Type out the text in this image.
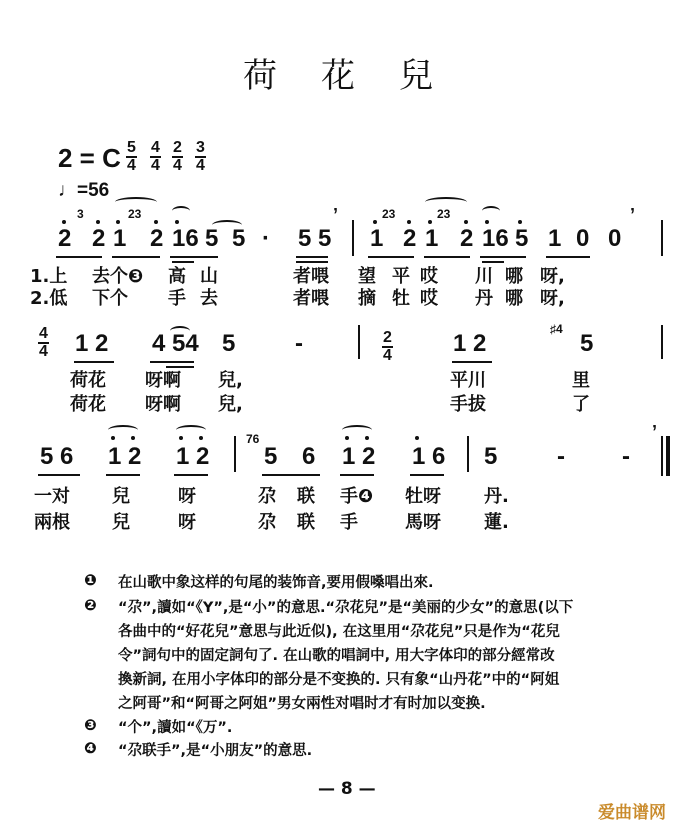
荷花兒
2 = C $\frac{5}{4} \frac{4}{4} \frac{2}{4} \frac{3}{4}$
♩=56
2 2 1 2 16 5 5 · 5 5
’
1 2 1 2 16 5 1 0 0
’
3	23	23	23
1.上 去个❸ 高 山	者喂 望 平 哎 川 哪 呀,
2.低 下个 手 去	者喂 摘 牡 哎 丹 哪 呀,
$\frac{4}{4} 1$ 2 4 54 5 -	$\frac{2}{4}$	1 2
♯4
5
荷花 呀啊 兒,	平川	里
荷花 呀啊 兒,	手拔	了
5 6 1 2 1 2
76
5 6 1 2 1 6 5 - -
’
一对 兒	呀	尕 联 手❹ 牡呀 丹.
兩根 兒	呀	尕 联 手	馬呀 蓮.
❶ 在山歌中象这样的句尾的装饰音,要用假嗓唱出來.
❷ “尕”,讀如“《Y”,是“小”的意思.“尕花兒”是“美丽的少女”的意思(以下
各曲中的“好花兒”意思与此近似), 在这里用“尕花兒”只是作为“花兒
令”詞句中的固定詞句了. 在山歌的唱詞中, 用大字体印的部分經常改
換新詞, 在用小字体印的部分是不变换的. 只有象“山丹花”中的“阿姐
之阿哥”和“阿哥之阿姐”男女兩性对唱时才有时加以变换.
❸ “个”,讀如“《万”.
❹ “尕联手”,是“小朋友”的意思.
— 8 —
爱曲谱网
